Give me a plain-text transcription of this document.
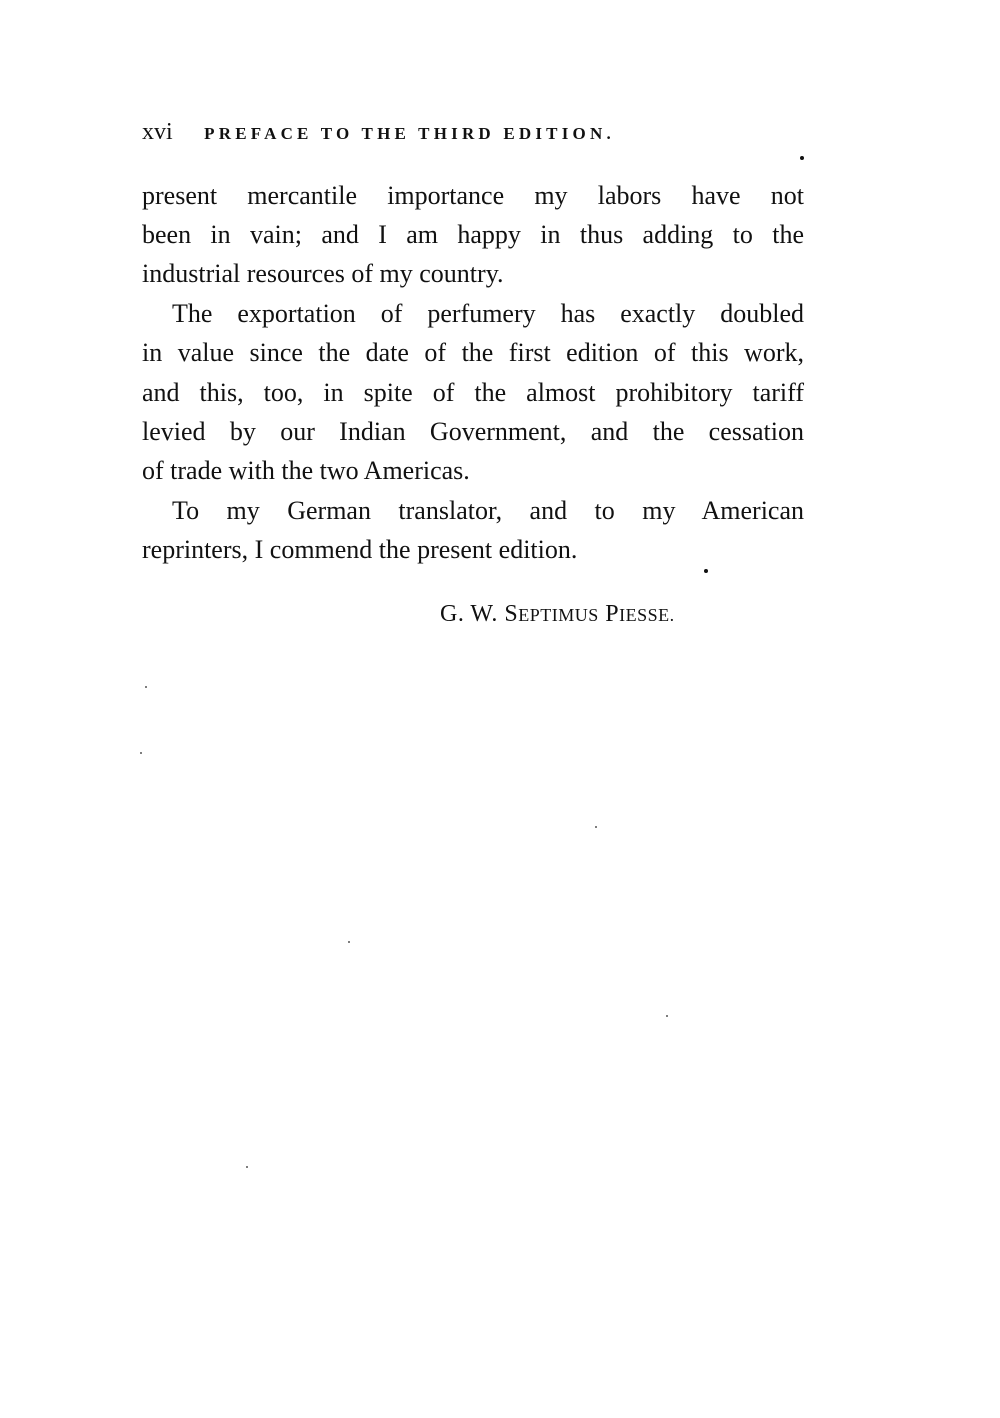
xvi PREFACE TO THE THIRD EDITION.
present mercantile importance my labors have not
been in vain; and I am happy in thus adding to the
industrial resources of my country.
The exportation of perfumery has exactly doubled
in value since the date of the first edition of this work,
and this, too, in spite of the almost prohibitory tariff
levied by our Indian Government, and the cessation
of trade with the two Americas.
To my German translator, and to my American
reprinters, I commend the present edition.
G. W. SEPTIMUS PIESSE.
